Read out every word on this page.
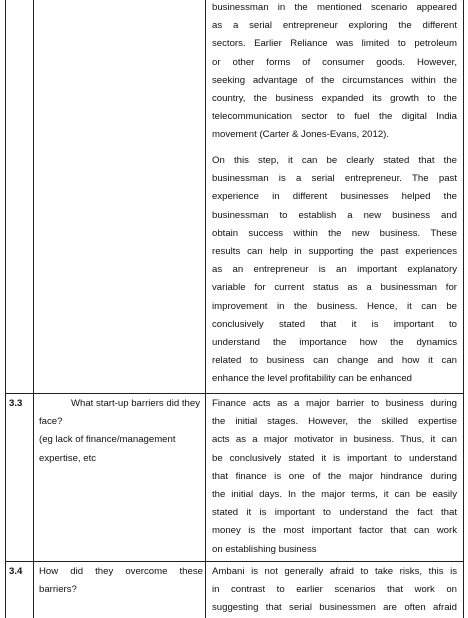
businessman in the mentioned scenario appeared
as a serial entrepreneur exploring the different
sectors. Earlier Reliance was limited to petroleum
or other forms of consumer goods. However,
seeking advantage of the circumstances within the
country, the business expanded its growth to the
telecommunication sector to fuel the digital India
movement (Carter & Jones-Evans, 2012).
On this step, it can be clearly stated that the
businessman is a serial entrepreneur. The past
experience in different businesses helped the
businessman to establish a new business and
obtain success within the new business. These
results can help in supporting the past experiences
as an entrepreneur is an important explanatory
variable for current status as a businessman for
improvement in the business. Hence, it can be
conclusively stated that it is important to
understand the importance how the dynamics
related to business can change and how it can
enhance the level profitability can be enhanced
3.3	What start-up barriers did they
face?
(eg lack of finance/management
expertise, etc
Finance acts as a major barrier to business during
the initial stages. However, the skilled expertise
acts as a major motivator in business. Thus, it can
be conclusively stated it is important to understand
that finance is one of the major hindrance during
the initial days. In the major terms, it can be easily
stated it is important to understand the fact that
money is the most important factor that can work
on establishing business
3.4 How did they overcome these
barriers?
Ambani is not generally afraid to take risks, this is
in contrast to earlier scenarios that work on
suggesting that serial businessmen are often afraid
